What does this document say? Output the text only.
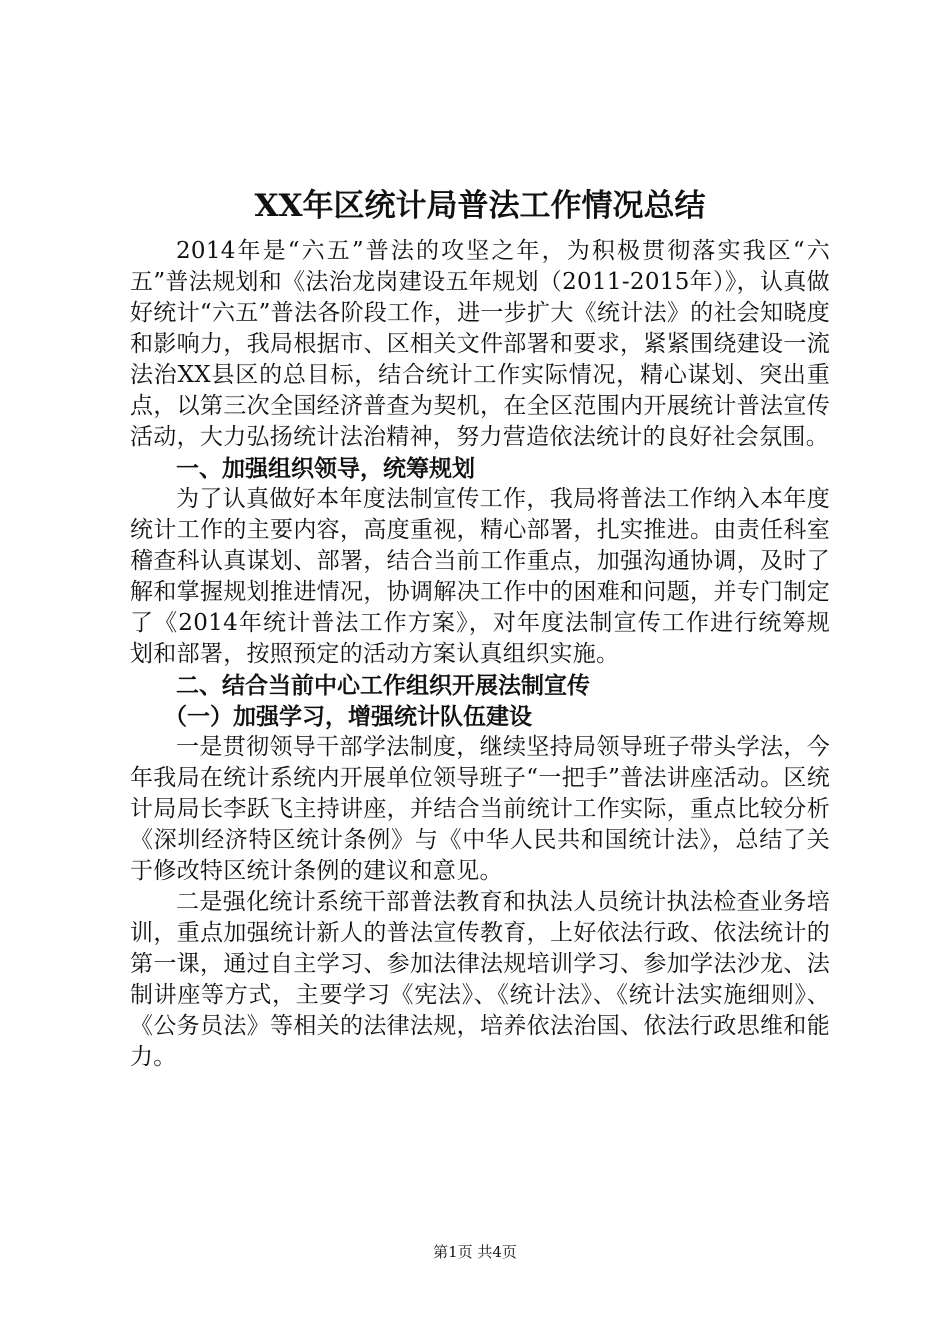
XX年区统计局普法工作情况总结

2014年是“六五”普法的攻坚之年，为积极贯彻落实我区“六五”普法规划和《法治龙岗建设五年规划（2011-2015年）》，认真做好统计“六五”普法各阶段工作，进一步扩大《统计法》的社会知晓度和影响力，我局根据市、区相关文件部署和要求，紧紧围绕建设一流法治XX县区的总目标，结合统计工作实际情况，精心谋划、突出重点，以第三次全国经济普查为契机，在全区范围内开展统计普法宣传活动，大力弘扬统计法治精神，努力营造依法统计的良好社会氛围。

一、加强组织领导，统筹规划

为了认真做好本年度法制宣传工作，我局将普法工作纳入本年度统计工作的主要内容，高度重视，精心部署，扎实推进。由责任科室稽查科认真谋划、部署，结合当前工作重点，加强沟通协调，及时了解和掌握规划推进情况，协调解决工作中的困难和问题，并专门制定了《2014年统计普法工作方案》，对年度法制宣传工作进行统筹规划和部署，按照预定的活动方案认真组织实施。

二、结合当前中心工作组织开展法制宣传

（一）加强学习，增强统计队伍建设

一是贯彻领导干部学法制度，继续坚持局领导班子带头学法，今年我局在统计系统内开展单位领导班子“一把手”普法讲座活动。区统计局局长李跃飞主持讲座，并结合当前统计工作实际，重点比较分析《深圳经济特区统计条例》与《中华人民共和国统计法》，总结了关于修改特区统计条例的建议和意见。

二是强化统计系统干部普法教育和执法人员统计执法检查业务培训，重点加强统计新人的普法宣传教育，上好依法行政、依法统计的第一课，通过自主学习、参加法律法规培训学习、参加学法沙龙、法制讲座等方式，主要学习《宪法》、《统计法》、《统计法实施细则》、《公务员法》等相关的法律法规，培养依法治国、依法行政思维和能力。

第1页 共4页
